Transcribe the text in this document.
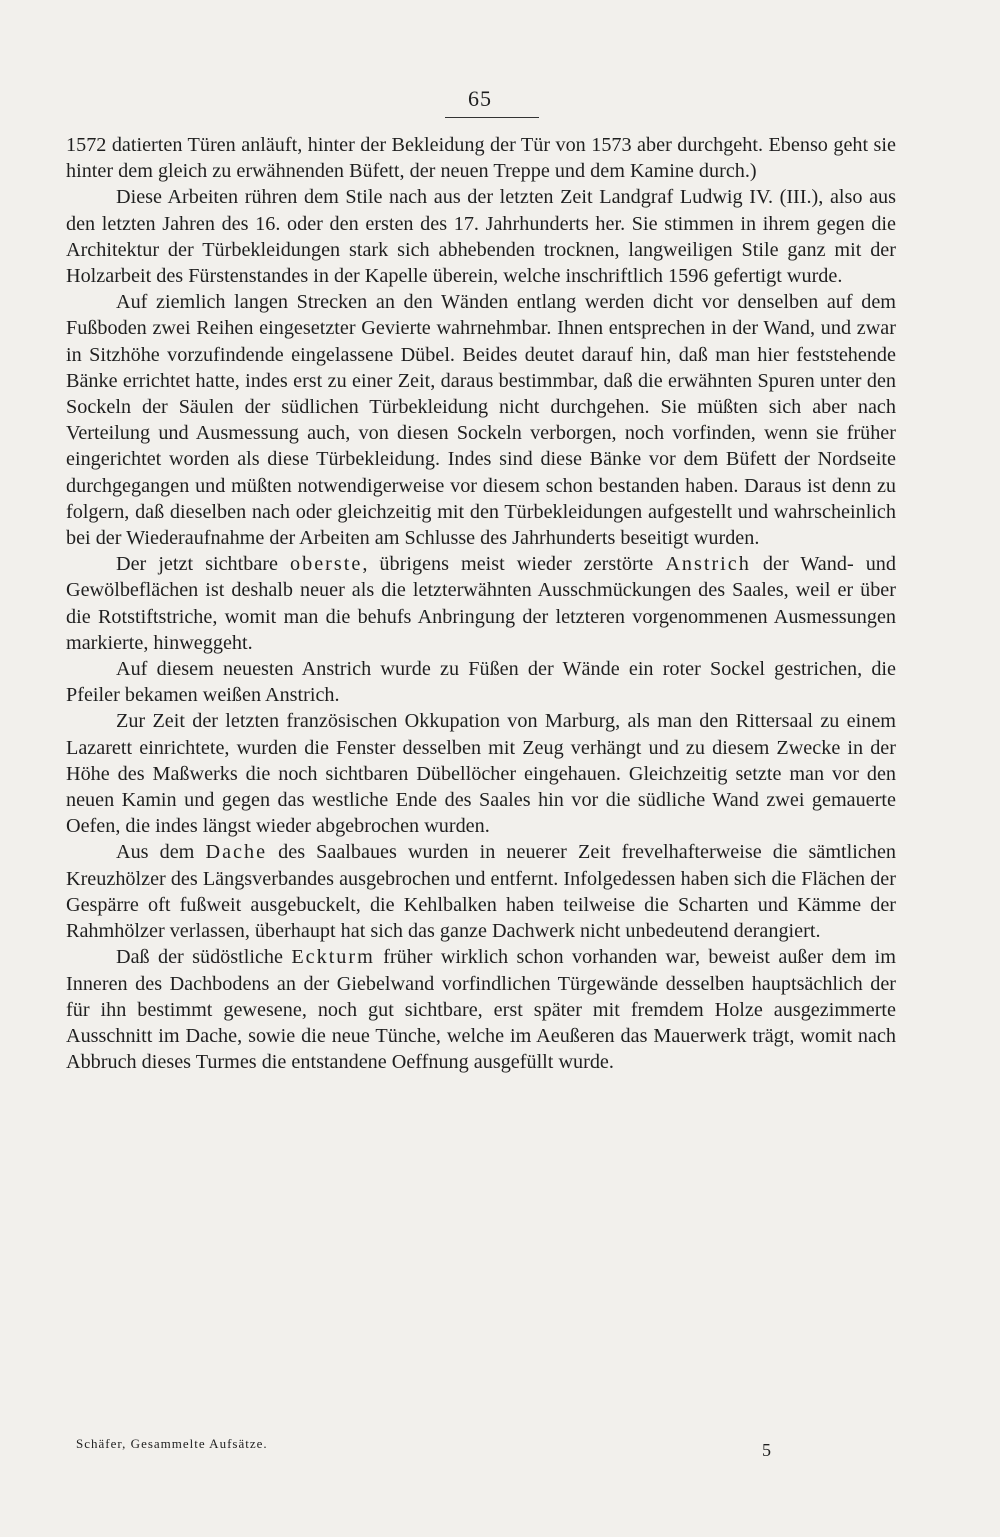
65

1572 datierten Türen anläuft, hinter der Bekleidung der Tür von 1573 aber durchgeht. Ebenso geht sie hinter dem gleich zu erwähnenden Büfett, der neuen Treppe und dem Kamine durch.)

Diese Arbeiten rühren dem Stile nach aus der letzten Zeit Landgraf Ludwig IV. (III.), also aus den letzten Jahren des 16. oder den ersten des 17. Jahrhunderts her. Sie stimmen in ihrem gegen die Architektur der Türbekleidungen stark sich abhebenden trocknen, langweiligen Stile ganz mit der Holzarbeit des Fürstenstandes in der Kapelle überein, welche inschriftlich 1596 gefertigt wurde.

Auf ziemlich langen Strecken an den Wänden entlang werden dicht vor denselben auf dem Fußboden zwei Reihen eingesetzter Gevierte wahrnehmbar. Ihnen entsprechen in der Wand, und zwar in Sitzhöhe vorzufindende eingelassene Dübel. Beides deutet darauf hin, daß man hier feststehende Bänke errichtet hatte, indes erst zu einer Zeit, daraus bestimmbar, daß die erwähnten Spuren unter den Sockeln der Säulen der südlichen Türbekleidung nicht durchgehen. Sie müßten sich aber nach Verteilung und Ausmessung auch, von diesen Sockeln verborgen, noch vorfinden, wenn sie früher eingerichtet worden als diese Türbekleidung. Indes sind diese Bänke vor dem Büfett der Nordseite durchgegangen und müßten notwendigerweise vor diesem schon bestanden haben. Daraus ist denn zu folgern, daß dieselben nach oder gleichzeitig mit den Türbekleidungen aufgestellt und wahrscheinlich bei der Wiederaufnahme der Arbeiten am Schlusse des Jahrhunderts beseitigt wurden.

Der jetzt sichtbare oberste, übrigens meist wieder zerstörte Anstrich der Wand- und Gewölbeflächen ist deshalb neuer als die letzterwähnten Ausschmückungen des Saales, weil er über die Rotstiftstriche, womit man die behufs Anbringung der letzteren vorgenommenen Ausmessungen markierte, hinweggeht.

Auf diesem neuesten Anstrich wurde zu Füßen der Wände ein roter Sockel gestrichen, die Pfeiler bekamen weißen Anstrich.

Zur Zeit der letzten französischen Okkupation von Marburg, als man den Rittersaal zu einem Lazarett einrichtete, wurden die Fenster desselben mit Zeug verhängt und zu diesem Zwecke in der Höhe des Maßwerks die noch sichtbaren Dübellöcher eingehauen. Gleichzeitig setzte man vor den neuen Kamin und gegen das westliche Ende des Saales hin vor die südliche Wand zwei gemauerte Oefen, die indes längst wieder abgebrochen wurden.

Aus dem Dache des Saalbaues wurden in neuerer Zeit frevelhafterweise die sämtlichen Kreuzhölzer des Längsverbandes ausgebrochen und entfernt. Infolgedessen haben sich die Flächen der Gespärre oft fußweit ausgebuckelt, die Kehlbalken haben teilweise die Scharten und Kämme der Rahmhölzer verlassen, überhaupt hat sich das ganze Dachwerk nicht unbedeutend derangiert.

Daß der südöstliche Eckturm früher wirklich schon vorhanden war, beweist außer dem im Inneren des Dachbodens an der Giebelwand vorfindlichen Türgewände desselben hauptsächlich der für ihn bestimmt gewesene, noch gut sichtbare, erst später mit fremdem Holze ausgezimmerte Ausschnitt im Dache, sowie die neue Tünche, welche im Aeußeren das Mauerwerk trägt, womit nach Abbruch dieses Turmes die entstandene Oeffnung ausgefüllt wurde.

Schäfer, Gesammelte Aufsätze.	5
